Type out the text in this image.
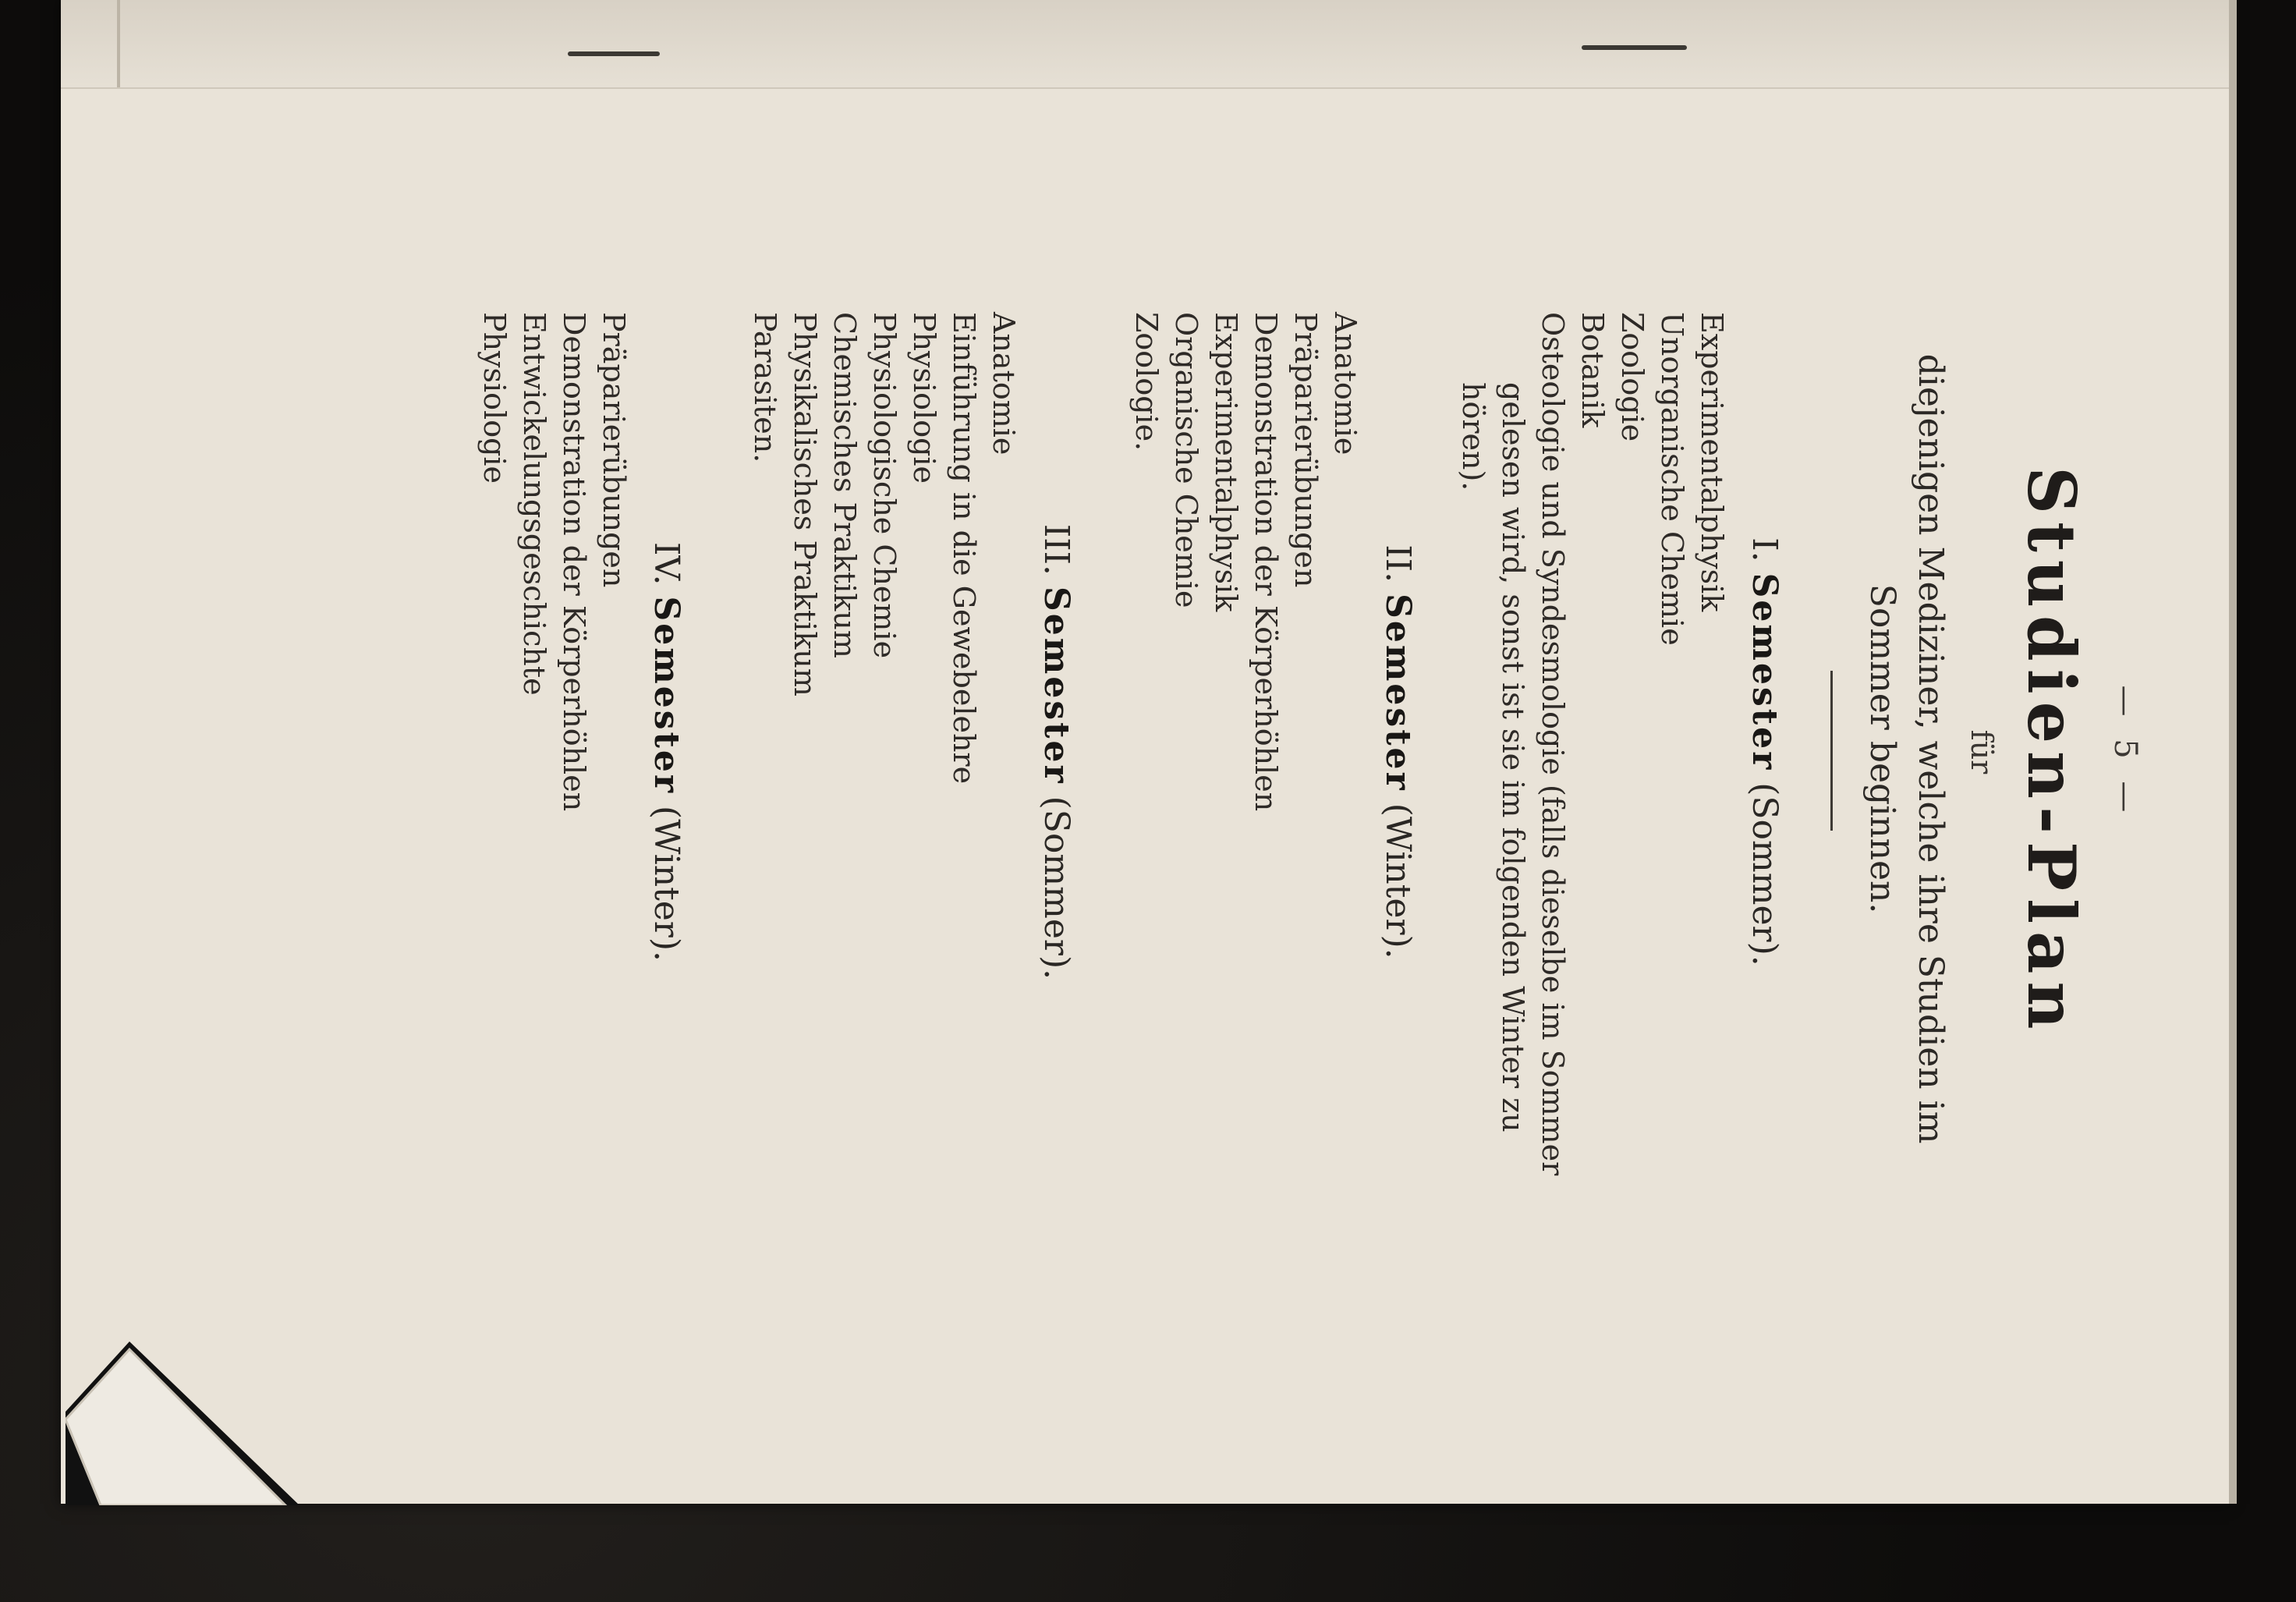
— 5 —
Studien-Plan
für
diejenigen Mediziner, welche ihre Studien im Sommer beginnen.
I. Semester (Sommer).
Experimentalphysik
Unorganische Chemie
Zoologie
Botanik
Osteologie und Syndesmologie (falls dieselbe im Sommer
gelesen wird, sonst ist sie im folgenden Winter zu
hören).
II. Semester (Winter).
Anatomie
Präparierübungen
Demonstration der Körperhöhlen
Experimentalphysik
Organische Chemie
Zoologie.
III. Semester (Sommer).
Anatomie
Einführung in die Gewebelehre
Physiologie
Physiologische Chemie
Chemisches Praktikum
Physikalisches Praktikum
Parasiten.
IV. Semester (Winter).
Präparierübungen
Demonstration der Körperhöhlen
Entwickelungsgeschichte
Physiologie
